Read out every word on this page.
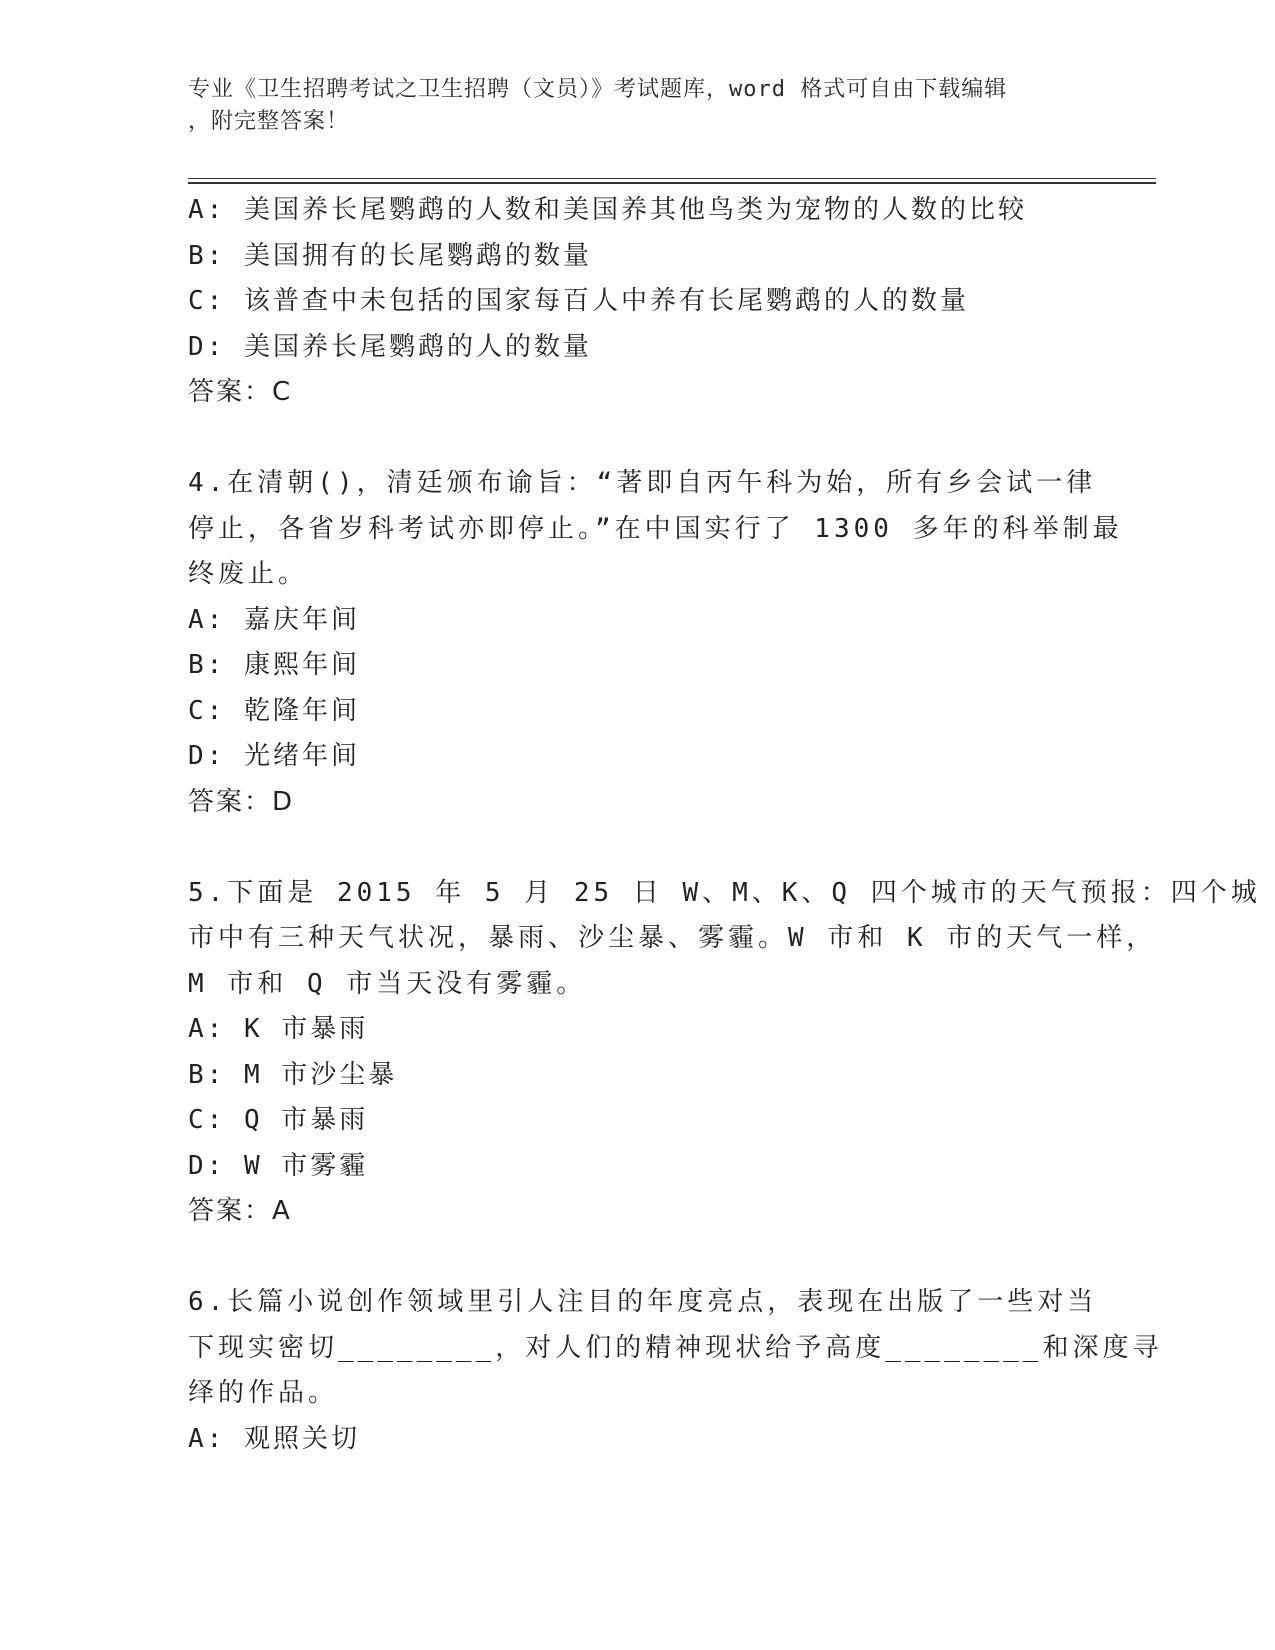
专业《卫生招聘考试之卫生招聘（文员）》考试题库，word 格式可自由下载编辑
，附完整答案！
A: 美国养长尾鹦鹉的人数和美国养其他鸟类为宠物的人数的比较
B: 美国拥有的长尾鹦鹉的数量
C: 该普查中未包括的国家每百人中养有长尾鹦鹉的人的数量
D: 美国养长尾鹦鹉的人的数量
答案：C
4.在清朝()，清廷颁布谕旨：“著即自丙午科为始，所有乡会试一律
停止，各省岁科考试亦即停止。”在中国实行了 1300 多年的科举制最
终废止。
A: 嘉庆年间
B: 康熙年间
C: 乾隆年间
D: 光绪年间
答案：D
5.下面是 2015 年 5 月 25 日 W、M、K、Q 四个城市的天气预报：四个城
市中有三种天气状况，暴雨、沙尘暴、雾霾。W 市和 K 市的天气一样，
M 市和 Q 市当天没有雾霾。
A: K 市暴雨
B: M 市沙尘暴
C: Q 市暴雨
D: W 市雾霾
答案：A
6.长篇小说创作领域里引人注目的年度亮点，表现在出版了一些对当
下现实密切________，对人们的精神现状给予高度________和深度寻
绎的作品。
A: 观照关切
